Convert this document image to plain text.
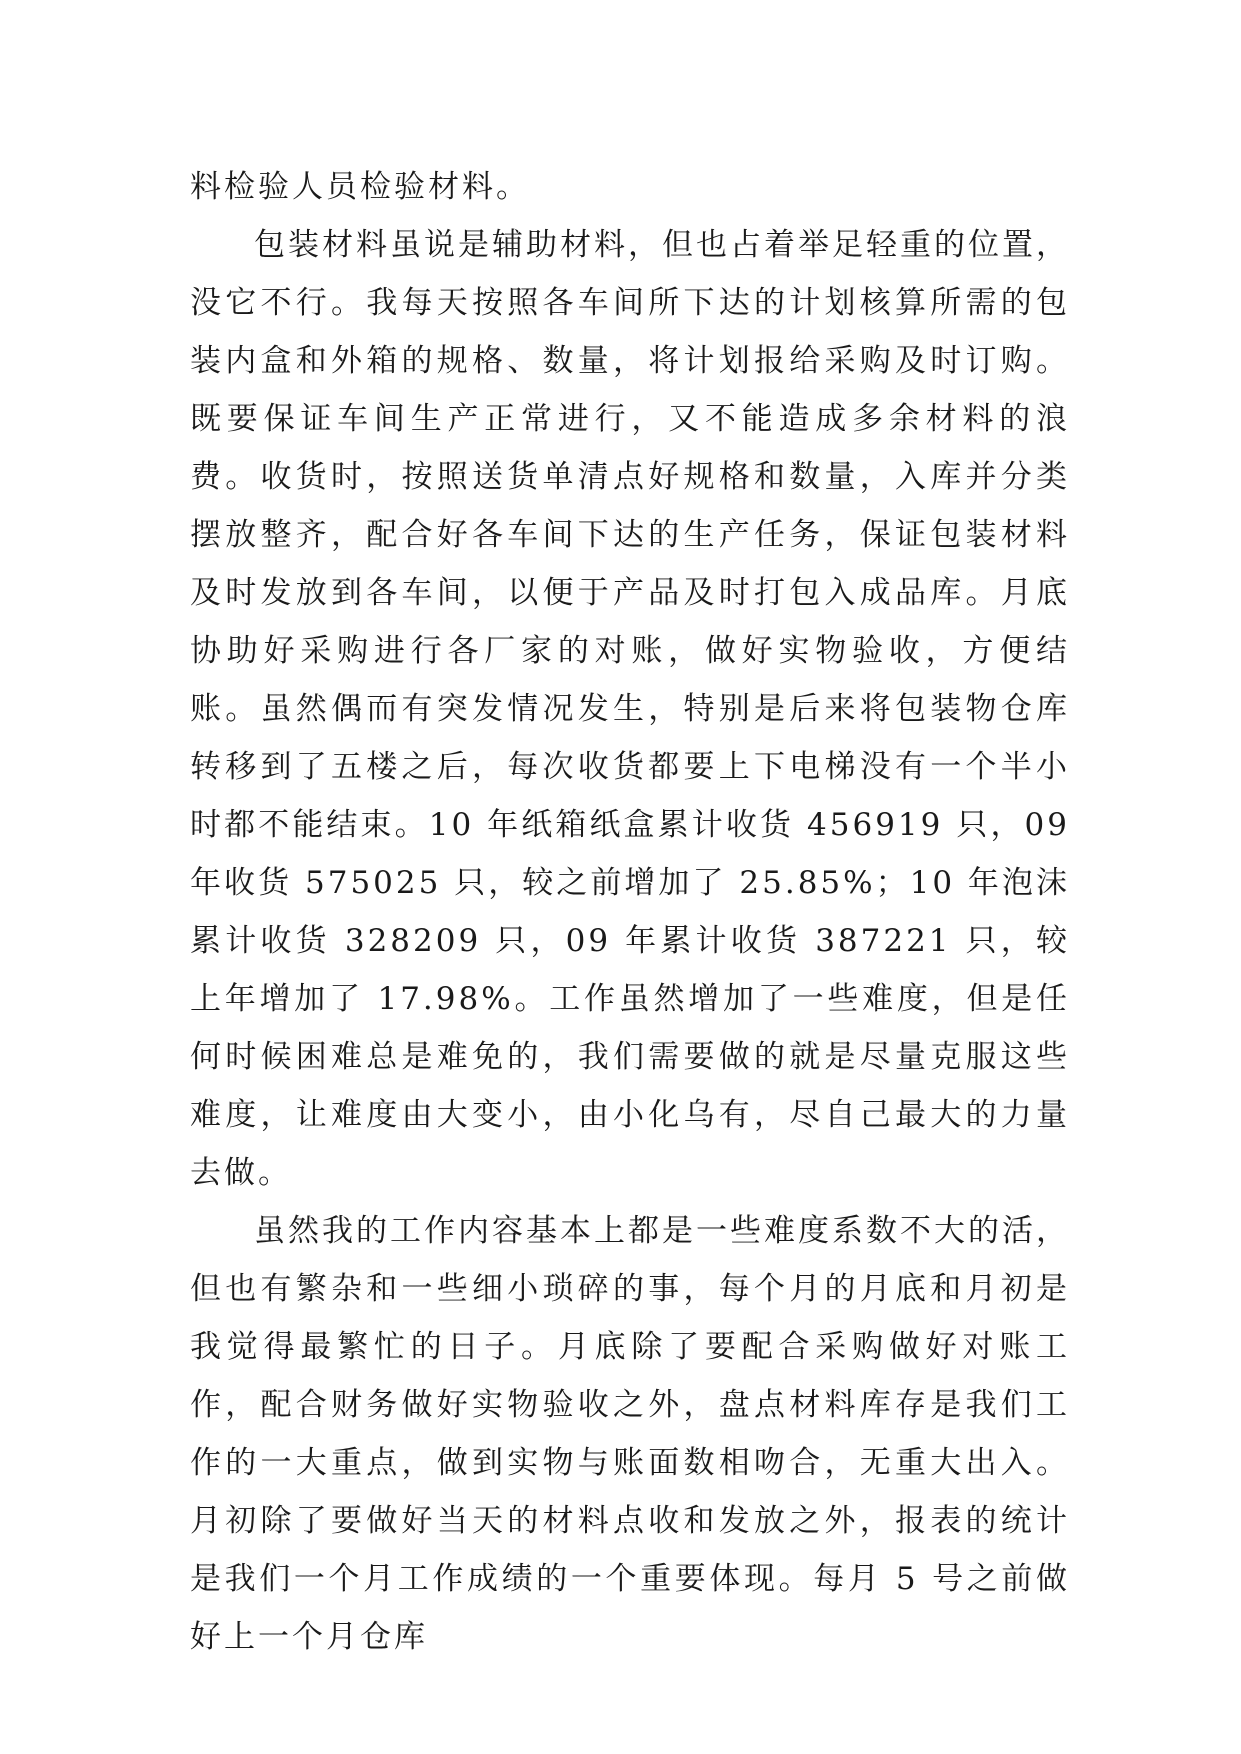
料检验人员检验材料。

包装材料虽说是辅助材料，但也占着举足轻重的位置，没它不行。我每天按照各车间所下达的计划核算所需的包装内盒和外箱的规格、数量，将计划报给采购及时订购。既要保证车间生产正常进行，又不能造成多余材料的浪费。收货时，按照送货单清点好规格和数量，入库并分类摆放整齐，配合好各车间下达的生产任务，保证包装材料及时发放到各车间，以便于产品及时打包入成品库。月底协助好采购进行各厂家的对账，做好实物验收，方便结账。虽然偶而有突发情况发生，特别是后来将包装物仓库转移到了五楼之后，每次收货都要上下电梯没有一个半小时都不能结束。10 年纸箱纸盒累计收货 456919 只，09 年收货 575025 只，较之前增加了 25.85%；10 年泡沫累计收货 328209 只，09 年累计收货 387221 只，较上年增加了 17.98%。工作虽然增加了一些难度，但是任何时候困难总是难免的，我们需要做的就是尽量克服这些难度，让难度由大变小，由小化乌有，尽自己最大的力量去做。

虽然我的工作内容基本上都是一些难度系数不大的活，但也有繁杂和一些细小琐碎的事，每个月的月底和月初是我觉得最繁忙的日子。月底除了要配合采购做好对账工作，配合财务做好实物验收之外，盘点材料库存是我们工作的一大重点，做到实物与账面数相吻合，无重大出入。月初除了要做好当天的材料点收和发放之外，报表的统计是我们一个月工作成绩的一个重要体现。每月 5 号之前做好上一个月仓库
